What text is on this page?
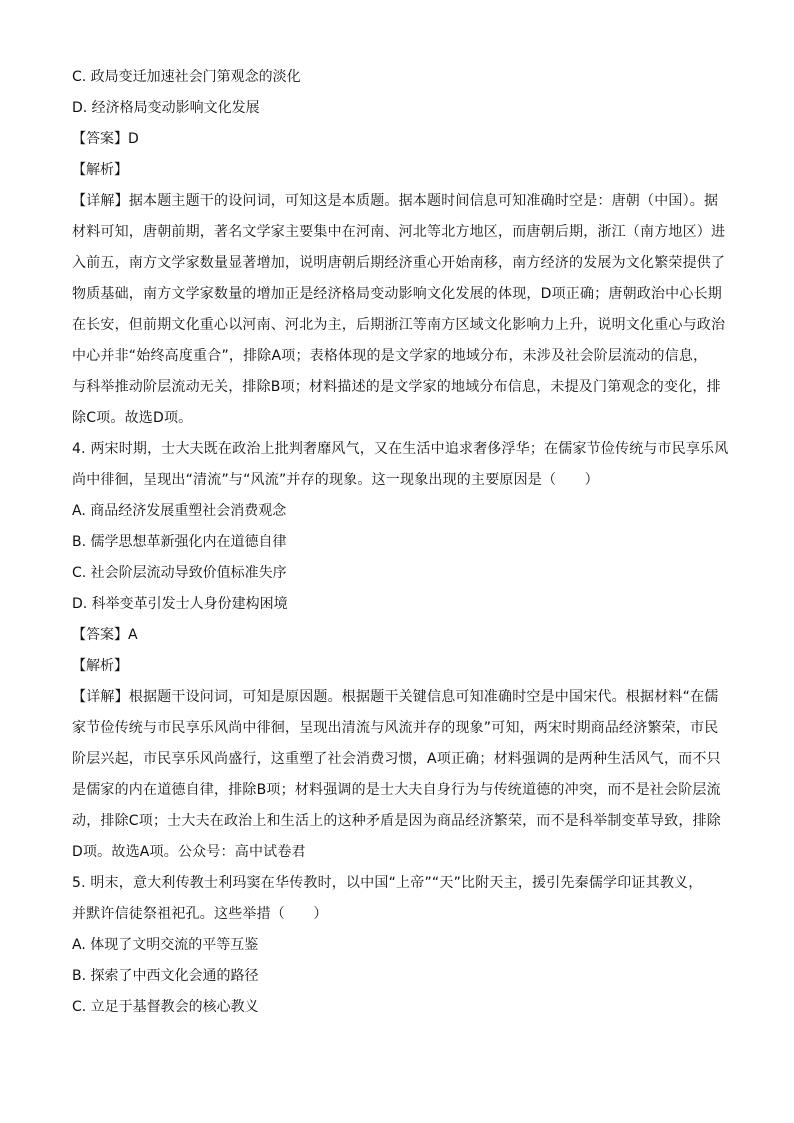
C. 政局变迁加速社会门第观念的淡化
D. 经济格局变动影响文化发展
【答案】D
【解析】
【详解】据本题主题干的设问词，可知这是本质题。据本题时间信息可知准确时空是：唐朝（中国）。据
材料可知，唐朝前期，著名文学家主要集中在河南、河北等北方地区，而唐朝后期，浙江（南方地区）进
入前五，南方文学家数量显著增加，说明唐朝后期经济重心开始南移，南方经济的发展为文化繁荣提供了
物质基础，南方文学家数量的增加正是经济格局变动影响文化发展的体现，D项正确；唐朝政治中心长期
在长安，但前期文化重心以河南、河北为主，后期浙江等南方区域文化影响力上升，说明文化重心与政治
中心并非“始终高度重合”，排除A项；表格体现的是文学家的地域分布，未涉及社会阶层流动的信息，
与科举推动阶层流动无关，排除B项；材料描述的是文学家的地域分布信息，未提及门第观念的变化，排
除C项。故选D项。
4. 两宋时期，士大夫既在政治上批判奢靡风气，又在生活中追求奢侈浮华；在儒家节俭传统与市民享乐风
尚中徘徊，呈现出“清流”与“风流”并存的现象。这一现象出现的主要原因是（　　）
A. 商品经济发展重塑社会消费观念
B. 儒学思想革新强化内在道德自律
C. 社会阶层流动导致价值标准失序
D. 科举变革引发士人身份建构困境
【答案】A
【解析】
【详解】根据题干设问词，可知是原因题。根据题干关键信息可知准确时空是中国宋代。根据材料“在儒
家节俭传统与市民享乐风尚中徘徊，呈现出清流与风流并存的现象”可知，两宋时期商品经济繁荣，市民
阶层兴起，市民享乐风尚盛行，这重塑了社会消费习惯，A项正确；材料强调的是两种生活风气，而不只
是儒家的内在道德自律，排除B项；材料强调的是士大夫自身行为与传统道德的冲突，而不是社会阶层流
动，排除C项；士大夫在政治上和生活上的这种矛盾是因为商品经济繁荣，而不是科举制变革导致，排除
D项。故选A项。公众号：高中试卷君
5. 明末，意大利传教士利玛窦在华传教时，以中国“上帝”“天”比附天主，援引先秦儒学印证其教义，
并默许信徒祭祖祀孔。这些举措（　　）
A. 体现了文明交流的平等互鉴
B. 探索了中西文化会通的路径
C. 立足于基督教会的核心教义
